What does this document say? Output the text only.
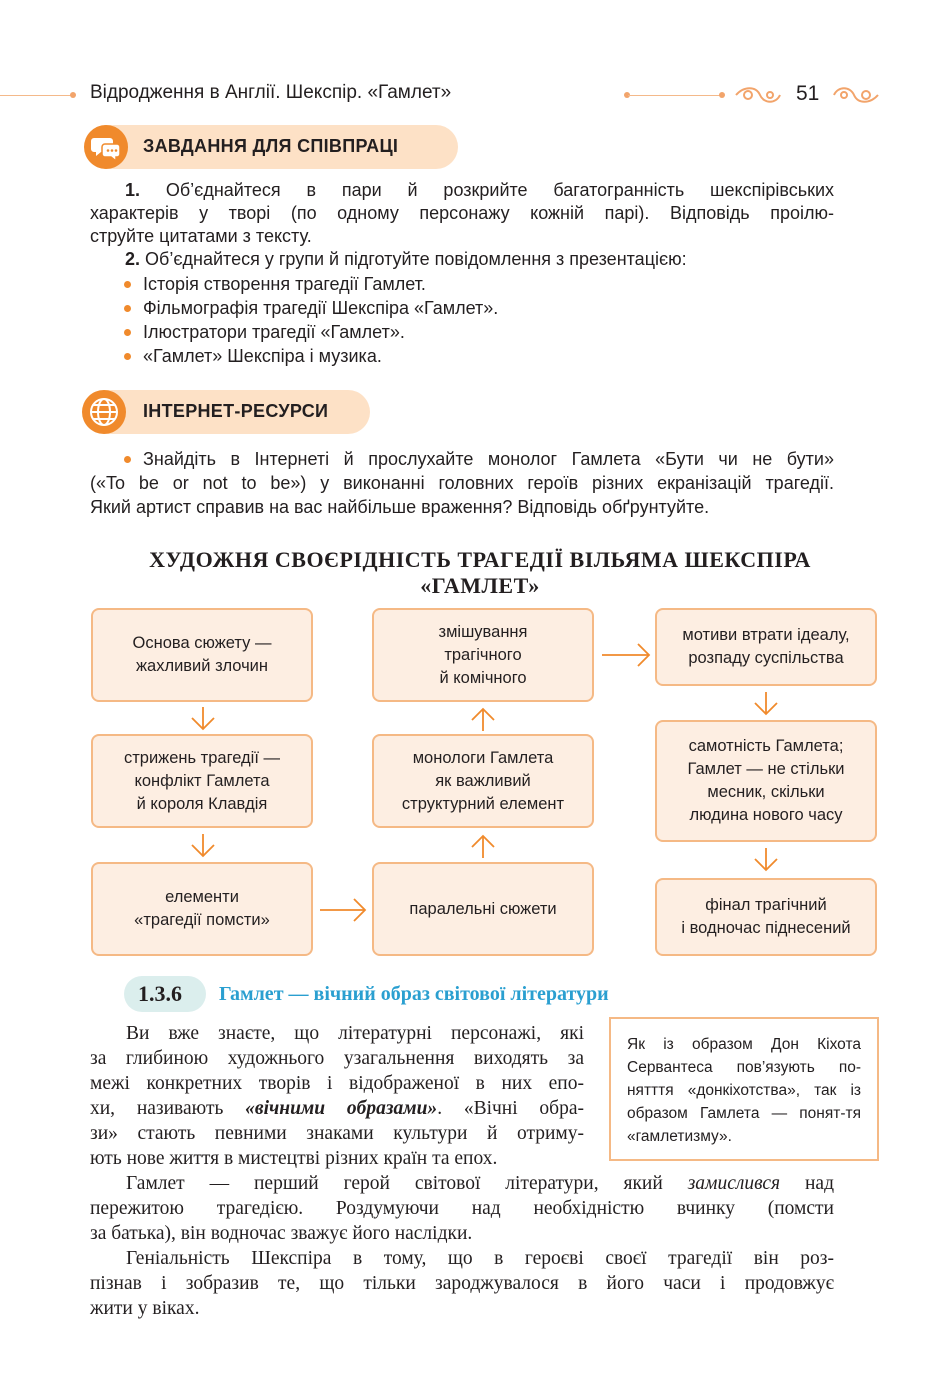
Відродження в Англії. Шекспір. «Гамлет»	51
ЗАВДАННЯ ДЛЯ СПІВПРАЦІ
1. Об’єднайтеся в пари й розкрийте багатогранність шекспірівських
характерів у творі (по одному персонажу кожній парі). Відповідь проілю-
струйте цитатами з тексту.
2. Об’єднайтеся у групи й підготуйте повідомлення з презентацією:
Історія створення трагедії Гамлет.
Фільмографія трагедії Шекспіра «Гамлет».
Ілюстратори трагедії «Гамлет».
«Гамлет» Шекспіра і музика.
ІНТЕРНЕТ-РЕСУРСИ
Знайдіть в Інтернеті й прослухайте монолог Гамлета «Бути чи не бути»
(«To be or not to be») у виконанні головних героїв різних екранізацій трагедії.
Який артист справив на вас найбільше враження? Відповідь обґрунтуйте.
ХУДОЖНЯ СВОЄРІДНІСТЬ ТРАГЕДІЇ ВІЛЬЯМА ШЕКСПІРА
«ГАМЛЕТ»
Основа сюжету —
жахливий злочин
стрижень трагедії —
конфлікт Гамлета
й короля Клавдія
елементи
«трагедії помсти»
змішування
трагічного
й комічного
монологи Гамлета
як важливий
структурний елемент
паралельні сюжети
мотиви втрати ідеалу,
розпаду суспільства
самотність Гамлета;
Гамлет — не стільки
месник, скільки
людина нового часу
фінал трагічний
і водночас піднесений
1.3.6 Гамлет — вічний образ світової літератури
Ви вже знаєте, що літературні персонажі, які
за глибиною художнього узагальнення виходять за
межі конкретних творів і відображеної в них епо-
хи, називають «вічними образами». «Вічні обра-
зи» стають певними знаками культури й отриму-
ють нове життя в мистецтві різних країн та епох.
Гамлет — перший герой світової літератури, який замислився над
пережитою трагедією. Роздумуючи над необхідністю вчинку (помсти
за батька), він водночас зважує його наслідки.
Геніальність Шекспіра в тому, що в героєві своєї трагедії він роз-
пізнав і зобразив те, що тільки зароджувалося в його часи і продовжує
жити у віках.
Як із образом Дон Кіхота Сервантеса пов’язують по-нятття «донкіхотства», так із образом Гамлета — понят-тя «гамлетизму».
